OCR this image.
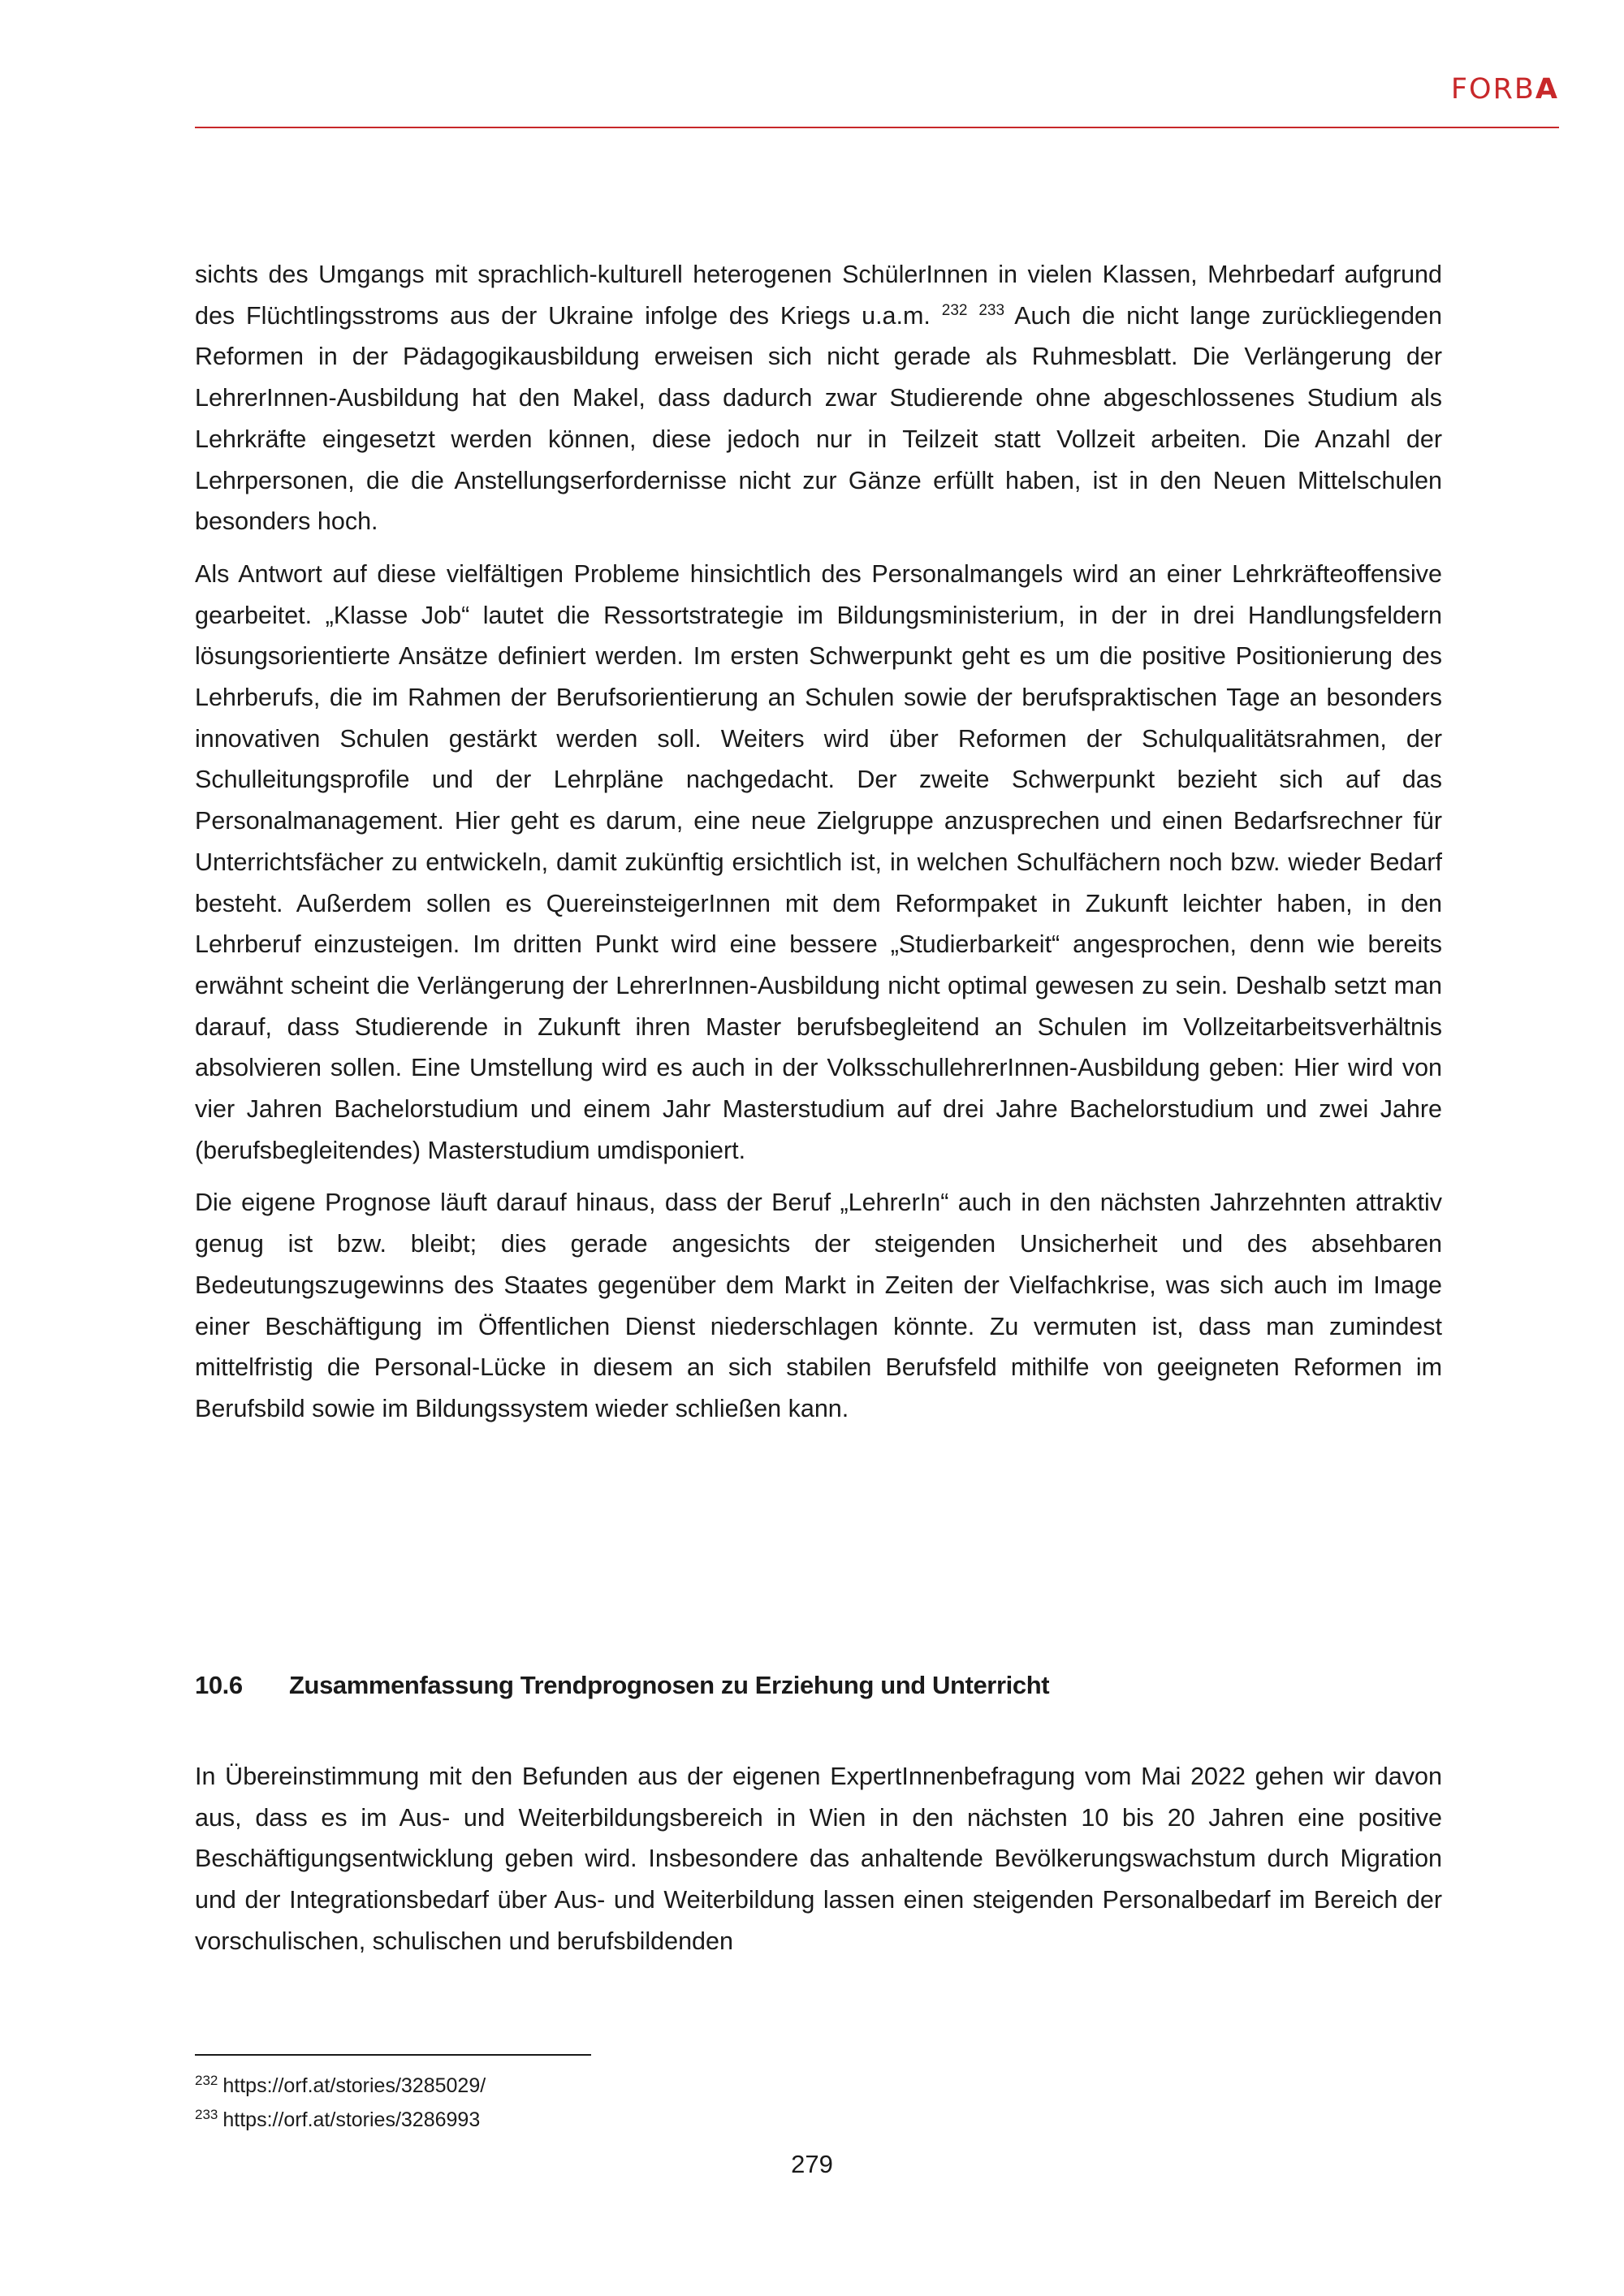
FORBA

sichts des Umgangs mit sprachlich-kulturell heterogenen SchülerInnen in vielen Klassen, Mehrbedarf aufgrund des Flüchtlingsstroms aus der Ukraine infolge des Kriegs u.a.m. $^{232}$ $^{233}$ Auch die nicht lange zurückliegenden Reformen in der Pädagogikausbildung erweisen sich nicht gerade als Ruhmesblatt. Die Verlängerung der LehrerInnen-Ausbildung hat den Makel, dass dadurch zwar Studierende ohne abgeschlossenes Studium als Lehrkräfte eingesetzt werden können, diese jedoch nur in Teilzeit statt Vollzeit arbeiten. Die Anzahl der Lehrpersonen, die die Anstellungserfordernisse nicht zur Gänze erfüllt haben, ist in den Neuen Mittelschulen besonders hoch.

Als Antwort auf diese vielfältigen Probleme hinsichtlich des Personalmangels wird an einer Lehrkräfteoffensive gearbeitet. „Klasse Job“ lautet die Ressortstrategie im Bildungsministerium, in der in drei Handlungsfeldern lösungsorientierte Ansätze definiert werden. Im ersten Schwerpunkt geht es um die positive Positionierung des Lehrberufs, die im Rahmen der Berufsorientierung an Schulen sowie der berufspraktischen Tage an besonders innovativen Schulen gestärkt werden soll. Weiters wird über Reformen der Schulqualitätsrahmen, der Schulleitungsprofile und der Lehrpläne nachgedacht. Der zweite Schwerpunkt bezieht sich auf das Personalmanagement. Hier geht es darum, eine neue Zielgruppe anzusprechen und einen Bedarfsrechner für Unterrichtsfächer zu entwickeln, damit zukünftig ersichtlich ist, in welchen Schulfächern noch bzw. wieder Bedarf besteht. Außerdem sollen es QuereinsteigerInnen mit dem Reformpaket in Zukunft leichter haben, in den Lehrberuf einzusteigen. Im dritten Punkt wird eine bessere „Studierbarkeit“ angesprochen, denn wie bereits erwähnt scheint die Verlängerung der LehrerInnen-Ausbildung nicht optimal gewesen zu sein. Deshalb setzt man darauf, dass Studierende in Zukunft ihren Master berufsbegleitend an Schulen im Vollzeitarbeitsverhältnis absolvieren sollen. Eine Umstellung wird es auch in der VolksschullehrerInnen-Ausbildung geben: Hier wird von vier Jahren Bachelorstudium und einem Jahr Masterstudium auf drei Jahre Bachelorstudium und zwei Jahre (berufsbegleitendes) Masterstudium umdisponiert.

Die eigene Prognose läuft darauf hinaus, dass der Beruf „LehrerIn“ auch in den nächsten Jahrzehnten attraktiv genug ist bzw. bleibt; dies gerade angesichts der steigenden Unsicherheit und des absehbaren Bedeutungszugewinns des Staates gegenüber dem Markt in Zeiten der Vielfachkrise, was sich auch im Image einer Beschäftigung im Öffentlichen Dienst niederschlagen könnte. Zu vermuten ist, dass man zumindest mittelfristig die Personal-Lücke in diesem an sich stabilen Berufsfeld mithilfe von geeigneten Reformen im Berufsbild sowie im Bildungssystem wieder schließen kann.

10.6 Zusammenfassung Trendprognosen zu Erziehung und Unterricht

In Übereinstimmung mit den Befunden aus der eigenen ExpertInnenbefragung vom Mai 2022 gehen wir davon aus, dass es im Aus- und Weiterbildungsbereich in Wien in den nächsten 10 bis 20 Jahren eine positive Beschäftigungsentwicklung geben wird. Insbesondere das anhaltende Bevölkerungswachstum durch Migration und der Integrationsbedarf über Aus- und Weiterbildung lassen einen steigenden Personalbedarf im Bereich der vorschulischen, schulischen und berufsbildenden

$^{232}$ https://orf.at/stories/3285029/
$^{233}$ https://orf.at/stories/3286993
279
